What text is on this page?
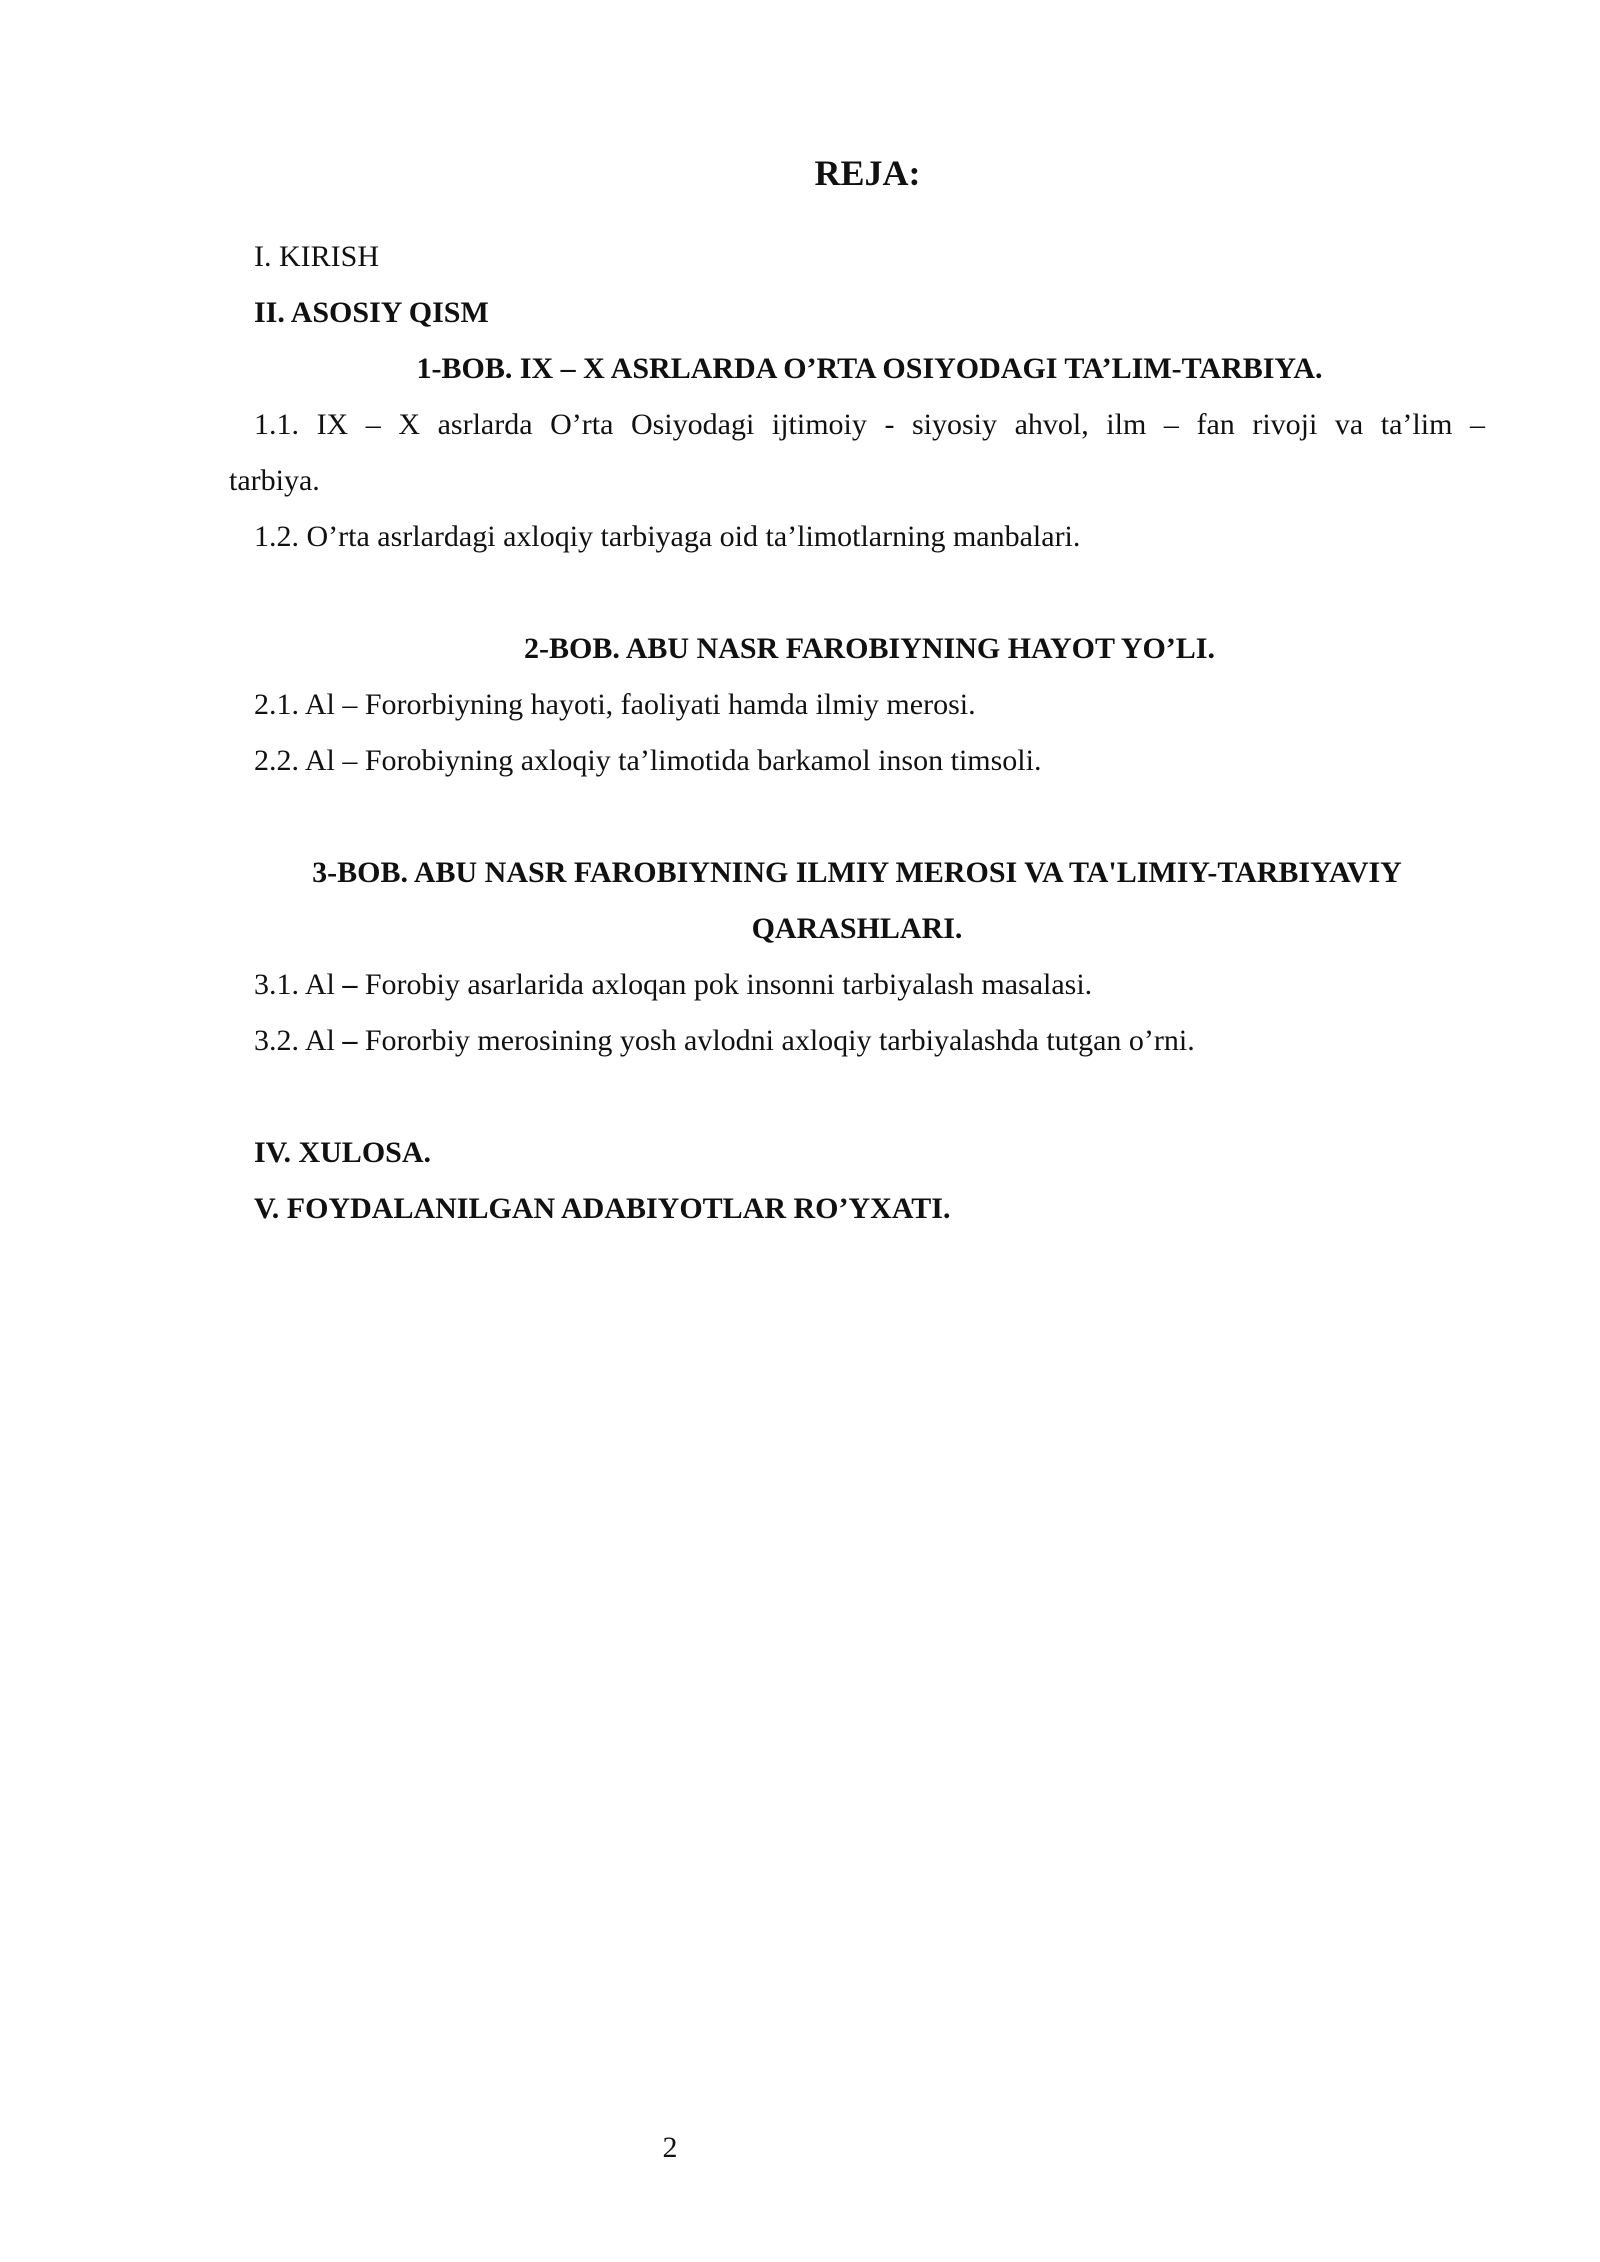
REJA:
I. KIRISH
II. ASOSIY QISM
1-BOB. IX – X ASRLARDA O’RTA OSIYODAGI TA’LIM-TARBIYA.
1.1. IX – X asrlarda O’rta Osiyodagi ijtimoiy - siyosiy ahvol, ilm – fan rivoji va ta’lim –
tarbiya.
1.2. O’rta asrlardagi axloqiy tarbiyaga oid ta’limotlarning manbalari.
2-BOB. ABU NASR FAROBIYNING HAYOT YO’LI.
2.1. Al – Fororbiyning hayoti, faoliyati hamda ilmiy merosi.
2.2. Al – Forobiyning axloqiy ta’limotida barkamol inson timsoli.
3-BOB. ABU NASR FAROBIYNING ILMIY MEROSI VA TA'LIMIY-TARBIYAVIY
QARASHLARI.
3.1. Al – Forobiy asarlarida axloqan pok insonni tarbiyalash masalasi.
3.2. Al – Fororbiy merosining yosh avlodni axloqiy tarbiyalashda tutgan o’rni.
IV. XULOSA.
V. FOYDALANILGAN ADABIYOTLAR RO’YXATI.
2
